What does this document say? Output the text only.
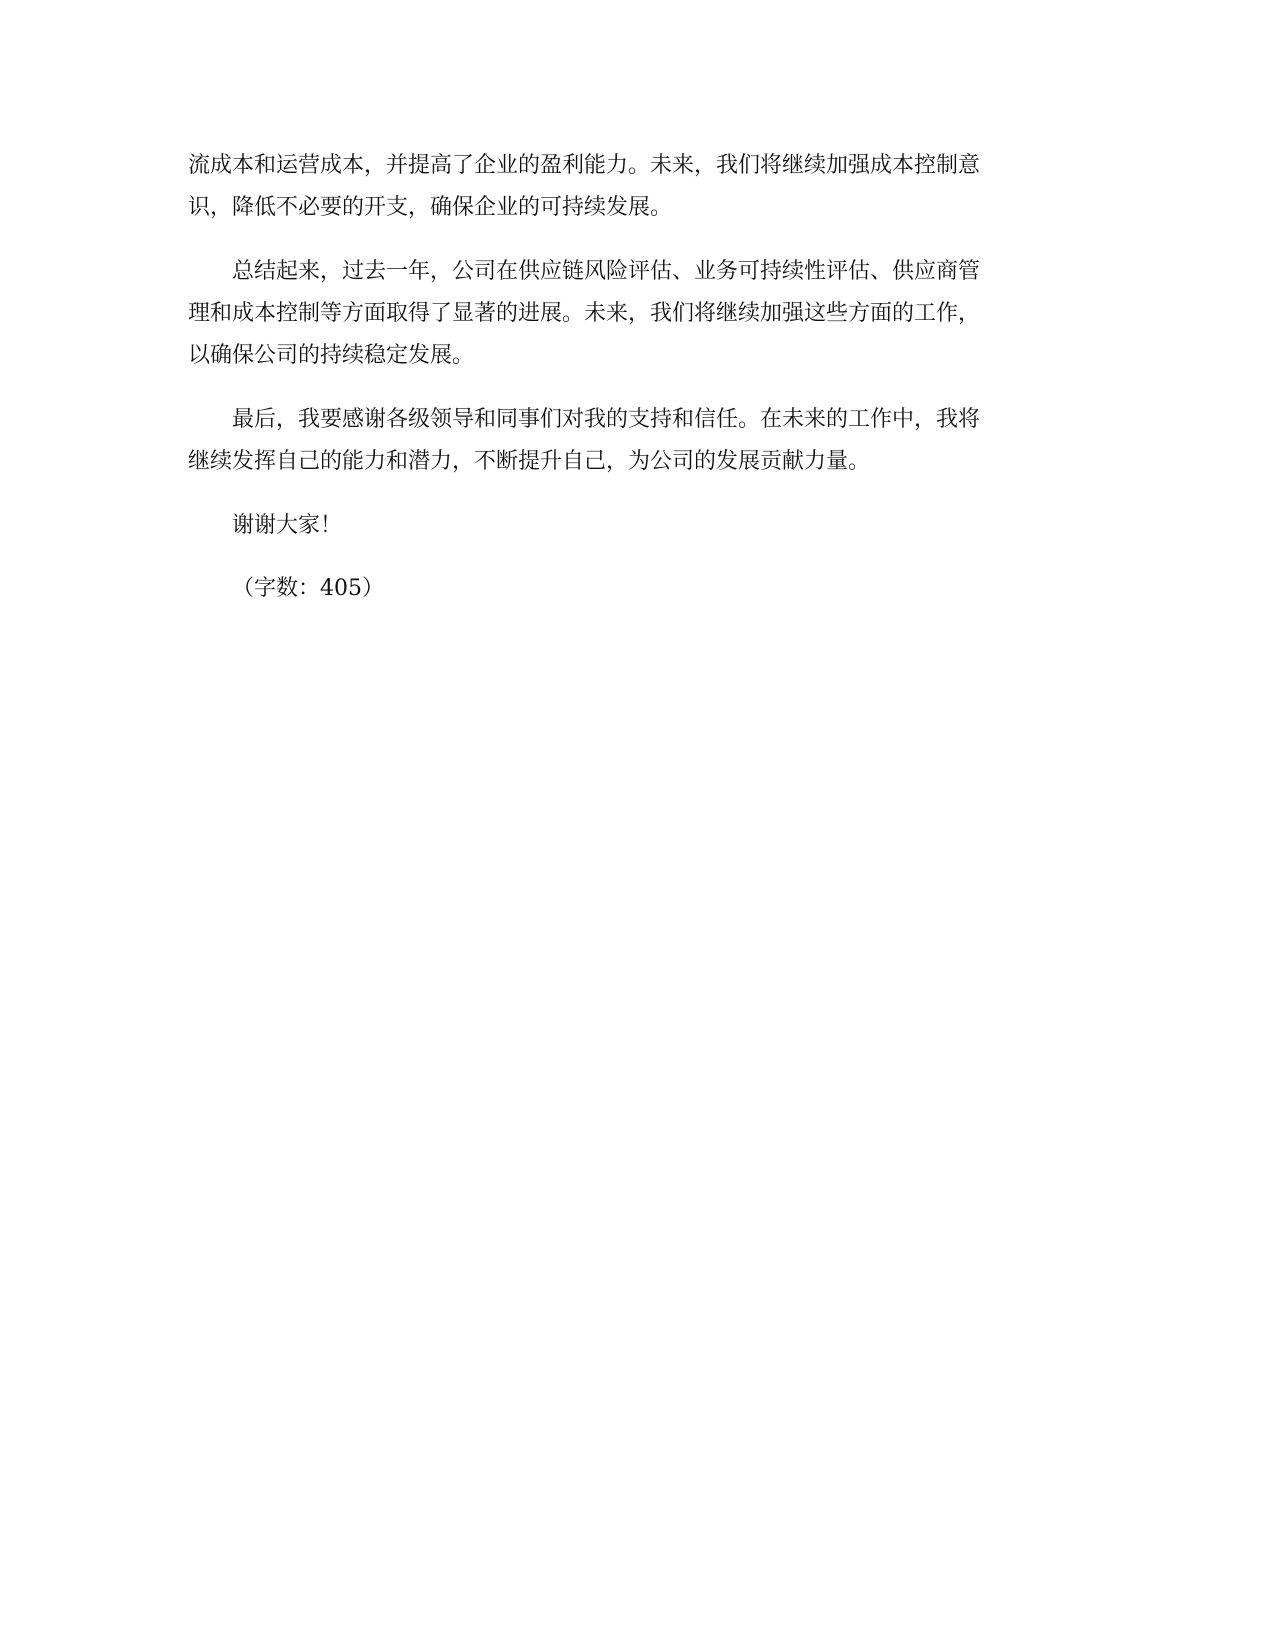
流成本和运营成本，并提高了企业的盈利能力。未来，我们将继续加强成本控制意
识，降低不必要的开支，确保企业的可持续发展。

总结起来，过去一年，公司在供应链风险评估、业务可持续性评估、供应商管
理和成本控制等方面取得了显著的进展。未来，我们将继续加强这些方面的工作，
以确保公司的持续稳定发展。

最后，我要感谢各级领导和同事们对我的支持和信任。在未来的工作中，我将
继续发挥自己的能力和潜力，不断提升自己，为公司的发展贡献力量。

谢谢大家！

（字数：405）
